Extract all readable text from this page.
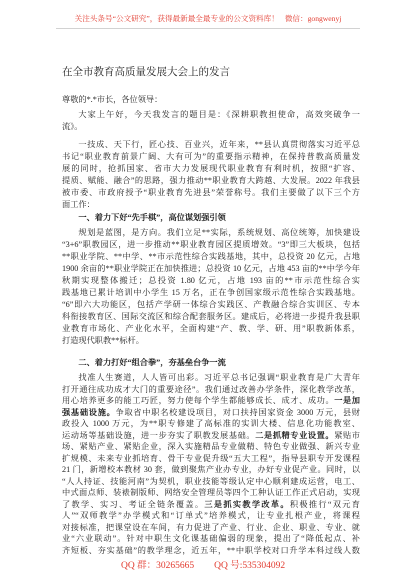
关注头条号“公文研究”，获得最新最全最专业的公文资料库！ 微信：gongwenyj
在全市教育高质量发展大会上的发言
尊敬的*.*市长，各位领导：
大家上午好，今天我发言的题目是：《深耕职教担使命，高效突破争一
流》。
一技成、天下行，匠心技、百业兴，近年来，**县认真贯彻落实习近平总
书记“职业教育前景广阔、大有可为”的重要指示精神，在保持普教高质量发
展的同时，抢抓国家、省市大力发展现代职业教育有利时机，按照“扩容、
提质、赋能、融合”的思路，强力推动**职业教育大跨越、大发展。2022 年我县
被市委、市政府授予“职业教育先进县”荣誉称号。我们主要做了以下三个方
面工作：
一、着力下好“先手棋”，高位谋划强引领
规划是蓝图，是方向。我们立足**实际，系统规划、高位统筹，加快建设
“3+6”职教园区，进一步推动**职业教育园区提质增效。“3”即三大板块，包括
**职业学院、**中学、**市示范性综合实践基地，其中，总投资 20 亿元，占地
1900 余亩的**职业学院正在加快推进；总投资 10 亿元，占地 453 亩的**中学今年
秋期实现整体搬迁；总投资 1.80 亿元，占地 193 亩的**市示范性综合实
践基地已累计培训中小学生 15 万名，正在争创国家级示范性综合实践基地。
“6”即六大功能区，包括产学研一体综合实践区、产教融合综合实训区、专本
科衔接教育区、国际交流区和综合配套服务区。建成后，必将进一步提升我县职
业教育市场化、产业化水平，全面构建“产、教、学、研、用”职教新体系，
打造现代职教**标杆。
二、着力打好“组合拳”，夯基垒台争一流
找准人生赛道，人人皆可出彩。习近平总书记强调“职业教育是广大青年
打开通往成功成才大门的重要途径”。我们通过改善办学条件，深化教学改革，
用心培养更多的能工巧匠，努力使每个学生都能够成长、成才、成功。一是加
强基础设施。争取省中职名校建设项目，对口扶持国家资金 3000 万元，县财
政投入 1000 万元，为**职专修建了高标准的实训大楼、信息化功能教室、
运动场等基础设施，进一步夯实了职教发展基础。二是抓精专业设置。紧贴市
场、紧贴产业、紧贴企业，深入实施精品专业做精、特色专业做强、新兴专业
扩规模、未来专业抓培育、骨干专业促升级“五大工程”，指导县职专开发课程
21 门，新增校本教材 30 套，做到聚焦产业办专业，办好专业促产业。同时，以
“人人持证、技能河南”为契机，职业技能等级认定中心顺利建成运营，电工、
中式面点师、装裱制版师、网络安全管理员等四个工种认证工作正式启动，实现
了教学、实习、考证全链条覆盖。三是抓实教学改革。积极推行“双元育
人”“双师教学”办学模式和“订单式”培养模式，让专业扎根产业，将课程
对接标准，把课堂设在车间，有力促进了产业、行业、企业、职业、专业、就
业“六业联动”。针对中职生文化课基础偏弱的现象，提出了“降低起点、补
齐短板、夯实基础”的教学理念，近五年，**中职学校对口升学本科过线人数
QQ 群：30265665 QQ 号:535304092
